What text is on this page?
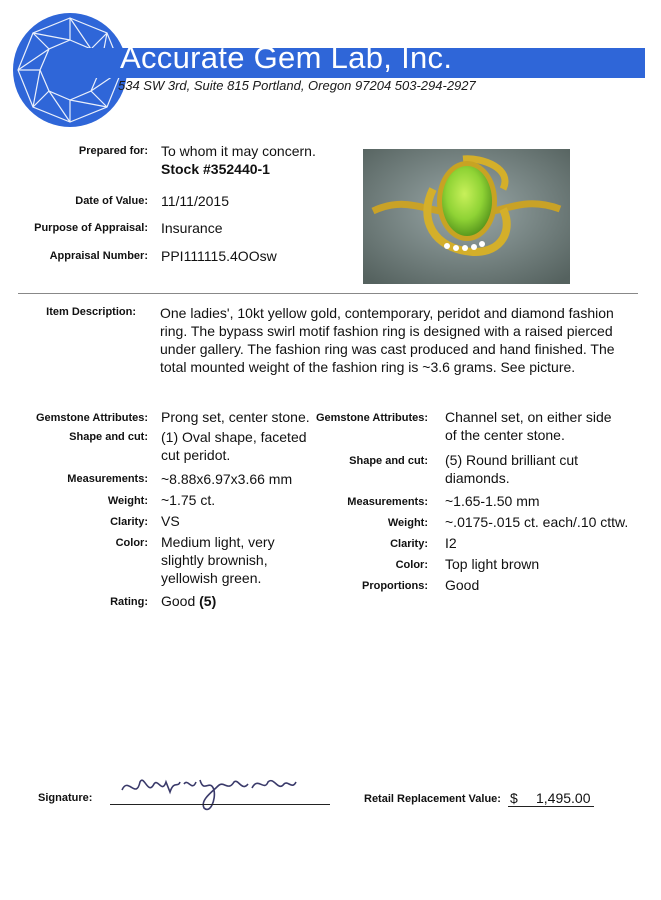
Accurate Gem Lab, Inc.
534 SW 3rd, Suite 815 Portland, Oregon 97204 503-294-2927
Prepared for: To whom it may concern.
Stock #352440-1
Date of Value: 11/11/2015
Purpose of Appraisal: Insurance
Appraisal Number: PPI111115.4OOsw
Item Description: One ladies', 10kt yellow gold, contemporary, peridot and diamond fashion
ring. The bypass swirl motif fashion ring is designed with a raised pierced
under gallery. The fashion ring was cast produced and hand finished. The
total mounted weight of the fashion ring is ~3.6 grams. See picture.
Gemstone Attributes: Prong set, center stone.
Shape and cut: (1) Oval shape, faceted
cut peridot.
Measurements: ~8.88x6.97x3.66 mm
Weight: ~1.75 ct.
Clarity: VS
Color: Medium light, very
slightly brownish,
yellowish green.
Rating: Good (5)
Gemstone Attributes: Channel set, on either side
of the center stone.
Shape and cut: (5) Round brilliant cut
diamonds.
Measurements: ~1.65-1.50 mm
Weight: ~.0175-.015 ct. each/.10 cttw.
Clarity: I2
Color: Top light brown
Proportions: Good
Signature:	Retail Replacement Value: $ 1,495.00
